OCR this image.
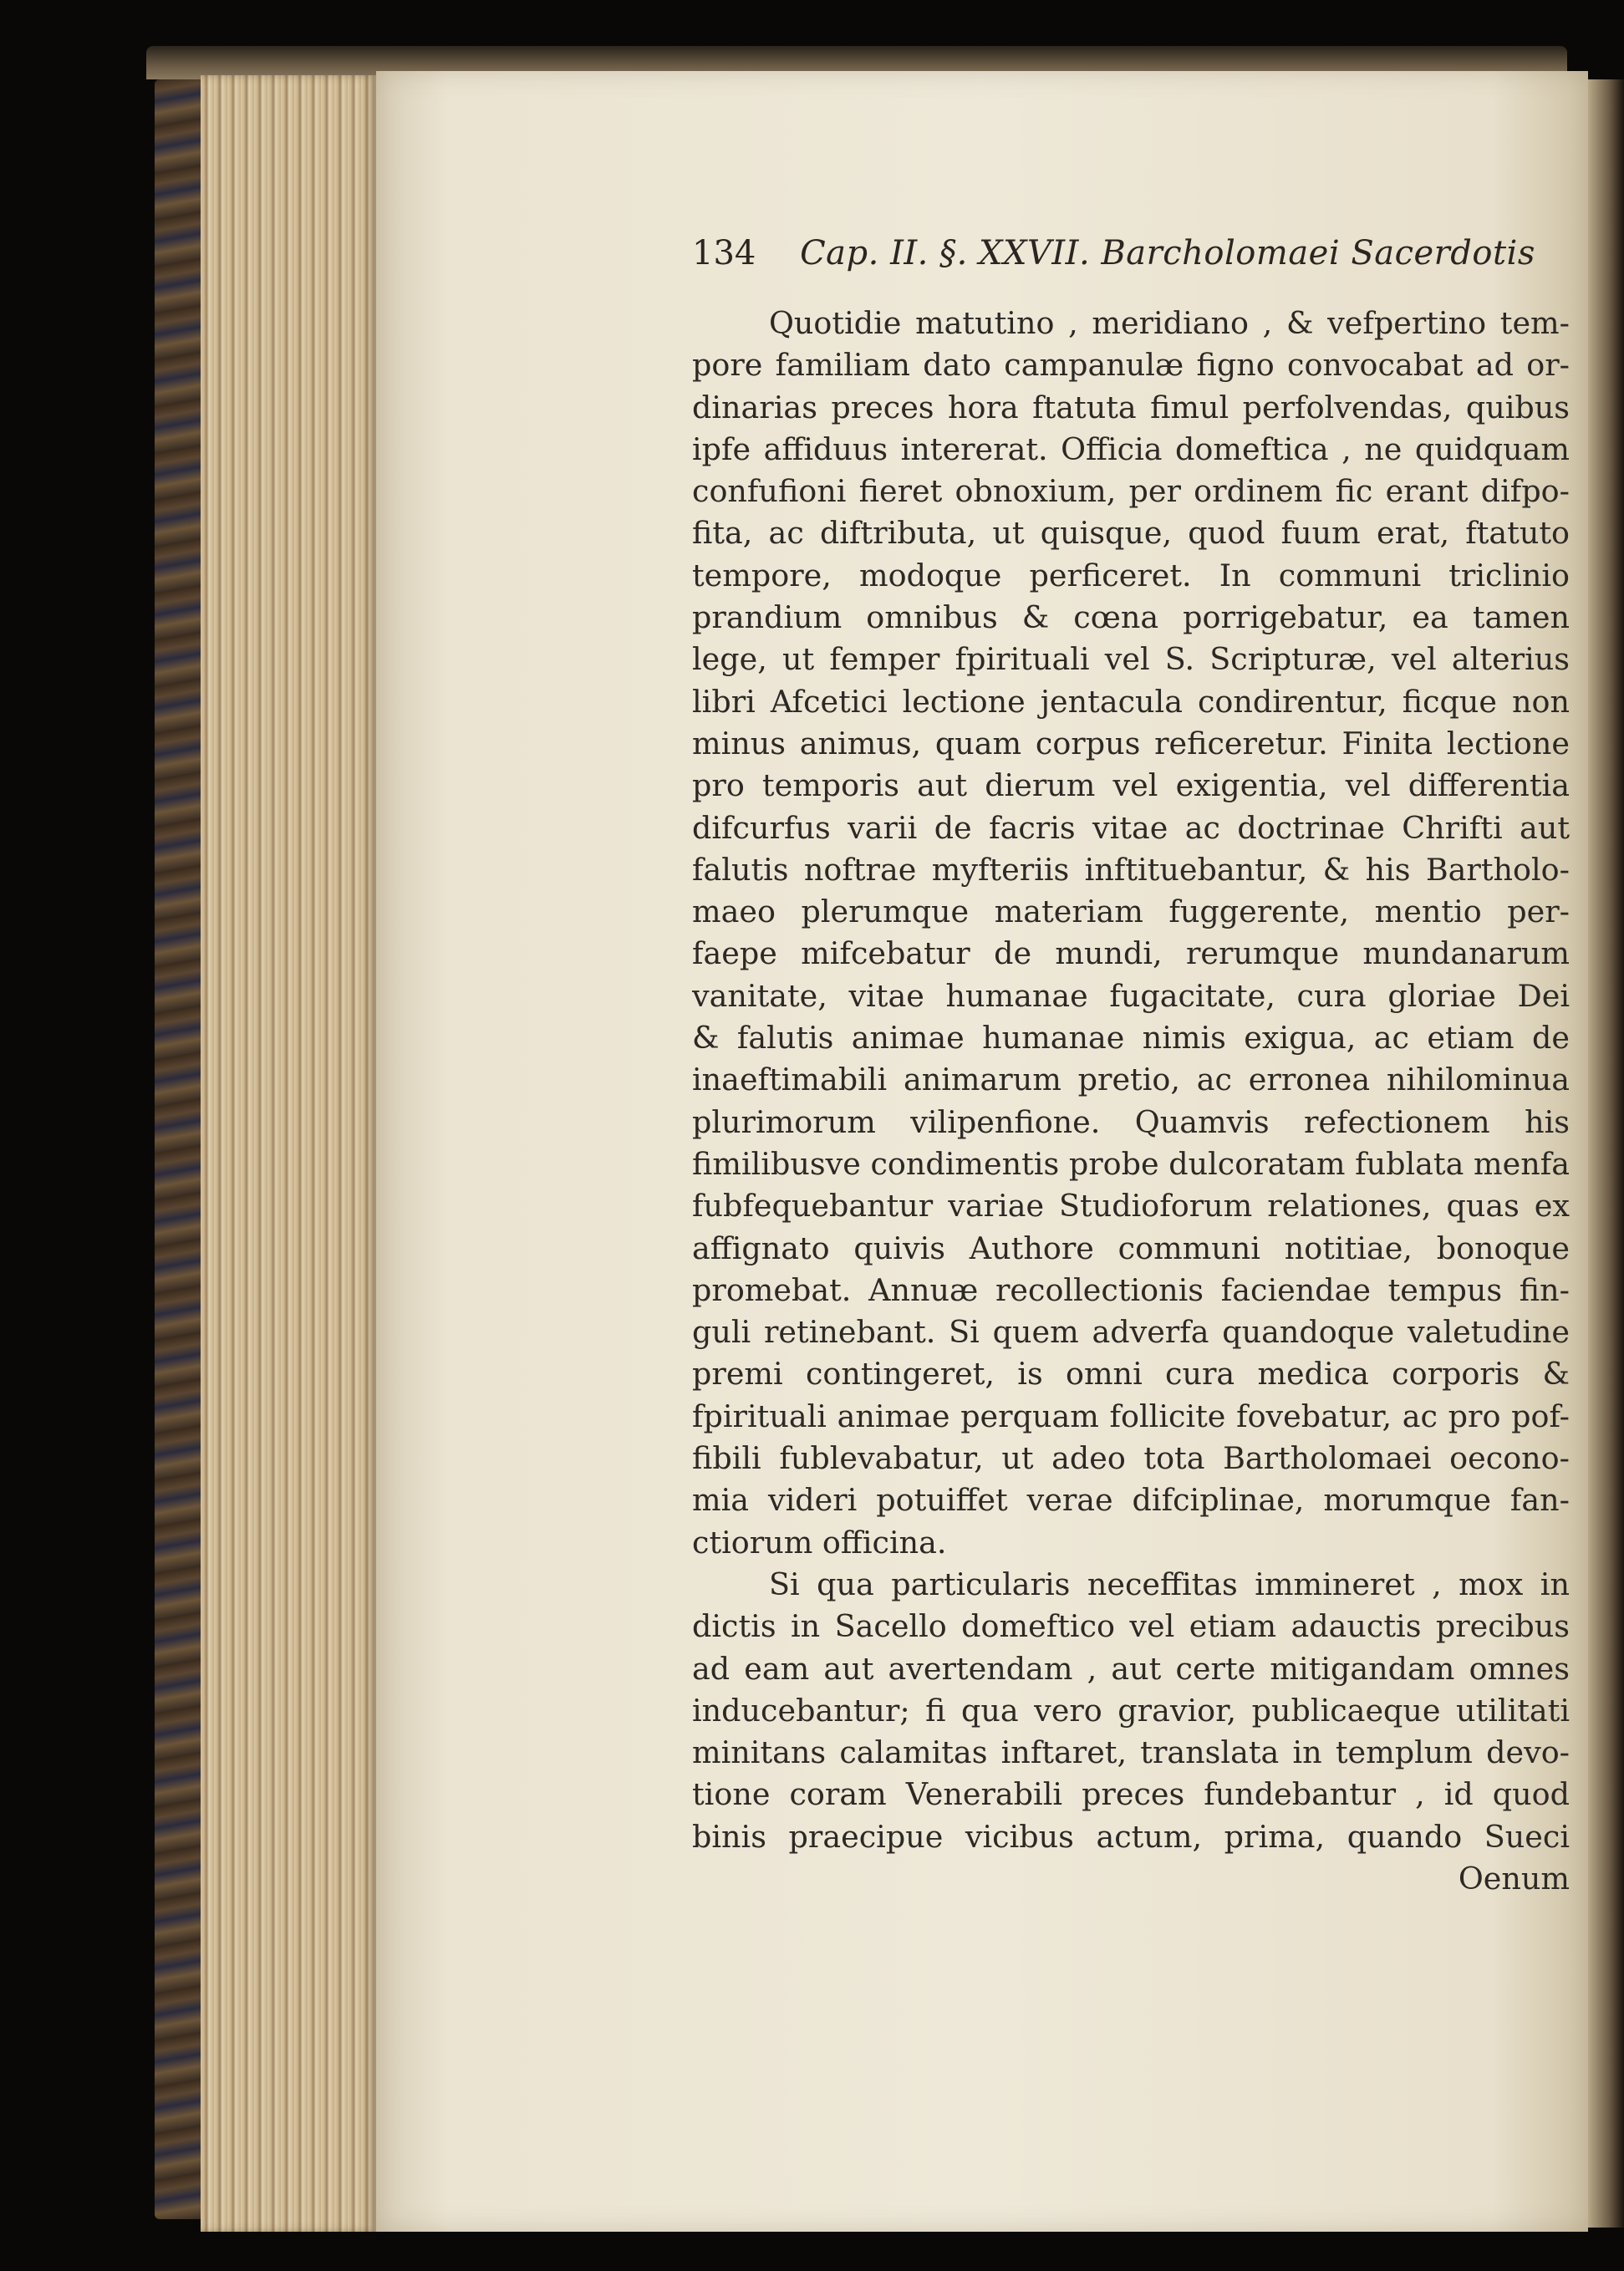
134 Cap. II. §. XXVII. Barcholomaei Sacerdotis
Quotidie matutino , meridiano , & vefpertino tem-
pore familiam dato campanulæ figno convocabat ad or-
dinarias preces hora ftatuta fimul perfolvendas, quibus
ipfe affiduus intererat. Officia domeftica , ne quidquam
confufioni fieret obnoxium, per ordinem fic erant difpo-
fita, ac diftributa, ut quisque, quod fuum erat, ftatuto
tempore, modoque perficeret. In communi triclinio
prandium omnibus & cœna porrigebatur, ea tamen
lege, ut femper fpirituali vel S. Scripturæ, vel alterius
libri Afcetici lectione jentacula condirentur, ficque non
minus animus, quam corpus reficeretur. Finita lectione
pro temporis aut dierum vel exigentia, vel differentia
difcurfus varii de facris vitae ac doctrinae Chrifti aut
falutis noftrae myfteriis inftituebantur, & his Bartholo-
maeo plerumque materiam fuggerente, mentio per-
faepe mifcebatur de mundi, rerumque mundanarum
vanitate, vitae humanae fugacitate, cura gloriae Dei
& falutis animae humanae nimis exigua, ac etiam de
inaeftimabili animarum pretio, ac erronea nihilominua
plurimorum vilipenfione. Quamvis refectionem his
fimilibusve condimentis probe dulcoratam fublata menfa
fubfequebantur variae Studioforum relationes, quas ex
affignato quivis Authore communi notitiae, bonoque
promebat. Annuæ recollectionis faciendae tempus fin-
guli retinebant. Si quem adverfa quandoque valetudine
premi contingeret, is omni cura medica corporis &
fpirituali animae perquam follicite fovebatur, ac pro pof-
fibili fublevabatur, ut adeo tota Bartholomaei oecono-
mia videri potuiffet verae difciplinae, morumque fan-
ctiorum officina.
Si qua particularis neceffitas immineret , mox in
dictis in Sacello domeftico vel etiam adauctis precibus
ad eam aut avertendam , aut certe mitigandam omnes
inducebantur; fi qua vero gravior, publicaeque utilitati
minitans calamitas inftaret, translata in templum devo-
tione coram Venerabili preces fundebantur , id quod
binis praecipue vicibus actum, prima, quando Sueci
Oenum
